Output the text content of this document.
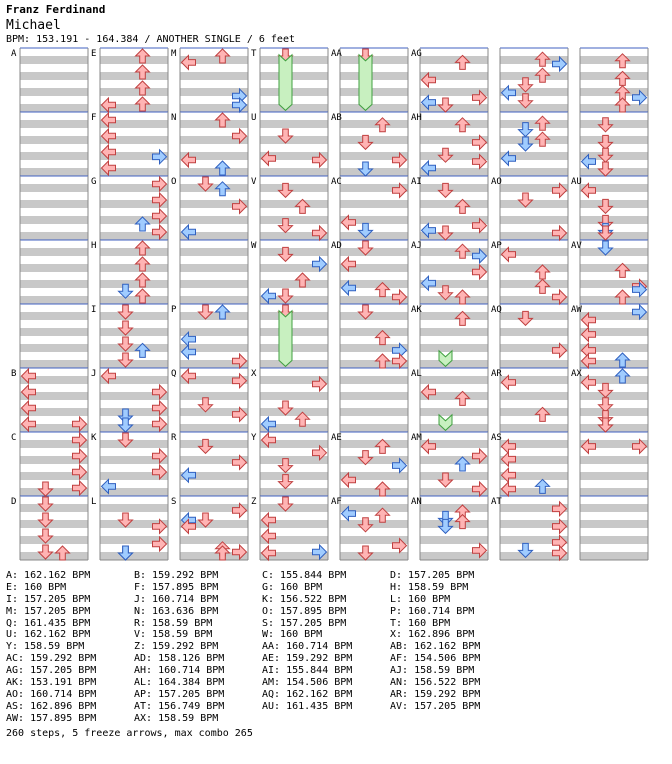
Franz Ferdinand
Michael
BPM: 153.191 - 164.384 / ANOTHER SINGLE / 6 feet
A
B
C
D
E
F
G
H
I
J
K
L
M
N
O
P
Q
R
S
T
U
V
W
X
Y
Z
AA
AB
AC
AD
AE
AF
AG
AH
AI
AJ
AK
AL
AM
AN
AO
AP
AQ
AR
AS
AT
AU
AV
AW
AX
A: 162.162 BPM	B: 159.292 BPM	C: 155.844 BPM	D: 157.205 BPM
E: 160 BPM	F: 157.895 BPM	G: 160 BPM	H: 158.59 BPM
I: 157.205 BPM	J: 160.714 BPM	K: 156.522 BPM	L: 160 BPM
M: 157.205 BPM	N: 163.636 BPM	O: 157.895 BPM	P: 160.714 BPM
Q: 161.435 BPM	R: 158.59 BPM	S: 157.205 BPM	T: 160 BPM
U: 162.162 BPM	V: 158.59 BPM	W: 160 BPM	X: 162.896 BPM
Y: 158.59 BPM	Z: 159.292 BPM	AA: 160.714 BPM	AB: 162.162 BPM
AC: 159.292 BPM	AD: 158.126 BPM	AE: 159.292 BPM	AF: 154.506 BPM
AG: 157.205 BPM	AH: 160.714 BPM	AI: 155.844 BPM	AJ: 158.59 BPM
AK: 153.191 BPM	AL: 164.384 BPM	AM: 154.506 BPM	AN: 156.522 BPM
AO: 160.714 BPM	AP: 157.205 BPM	AQ: 162.162 BPM	AR: 159.292 BPM
AS: 162.896 BPM	AT: 156.749 BPM	AU: 161.435 BPM	AV: 157.205 BPM
AW: 157.895 BPM	AX: 158.59 BPM
260 steps, 5 freeze arrows, max combo 265
